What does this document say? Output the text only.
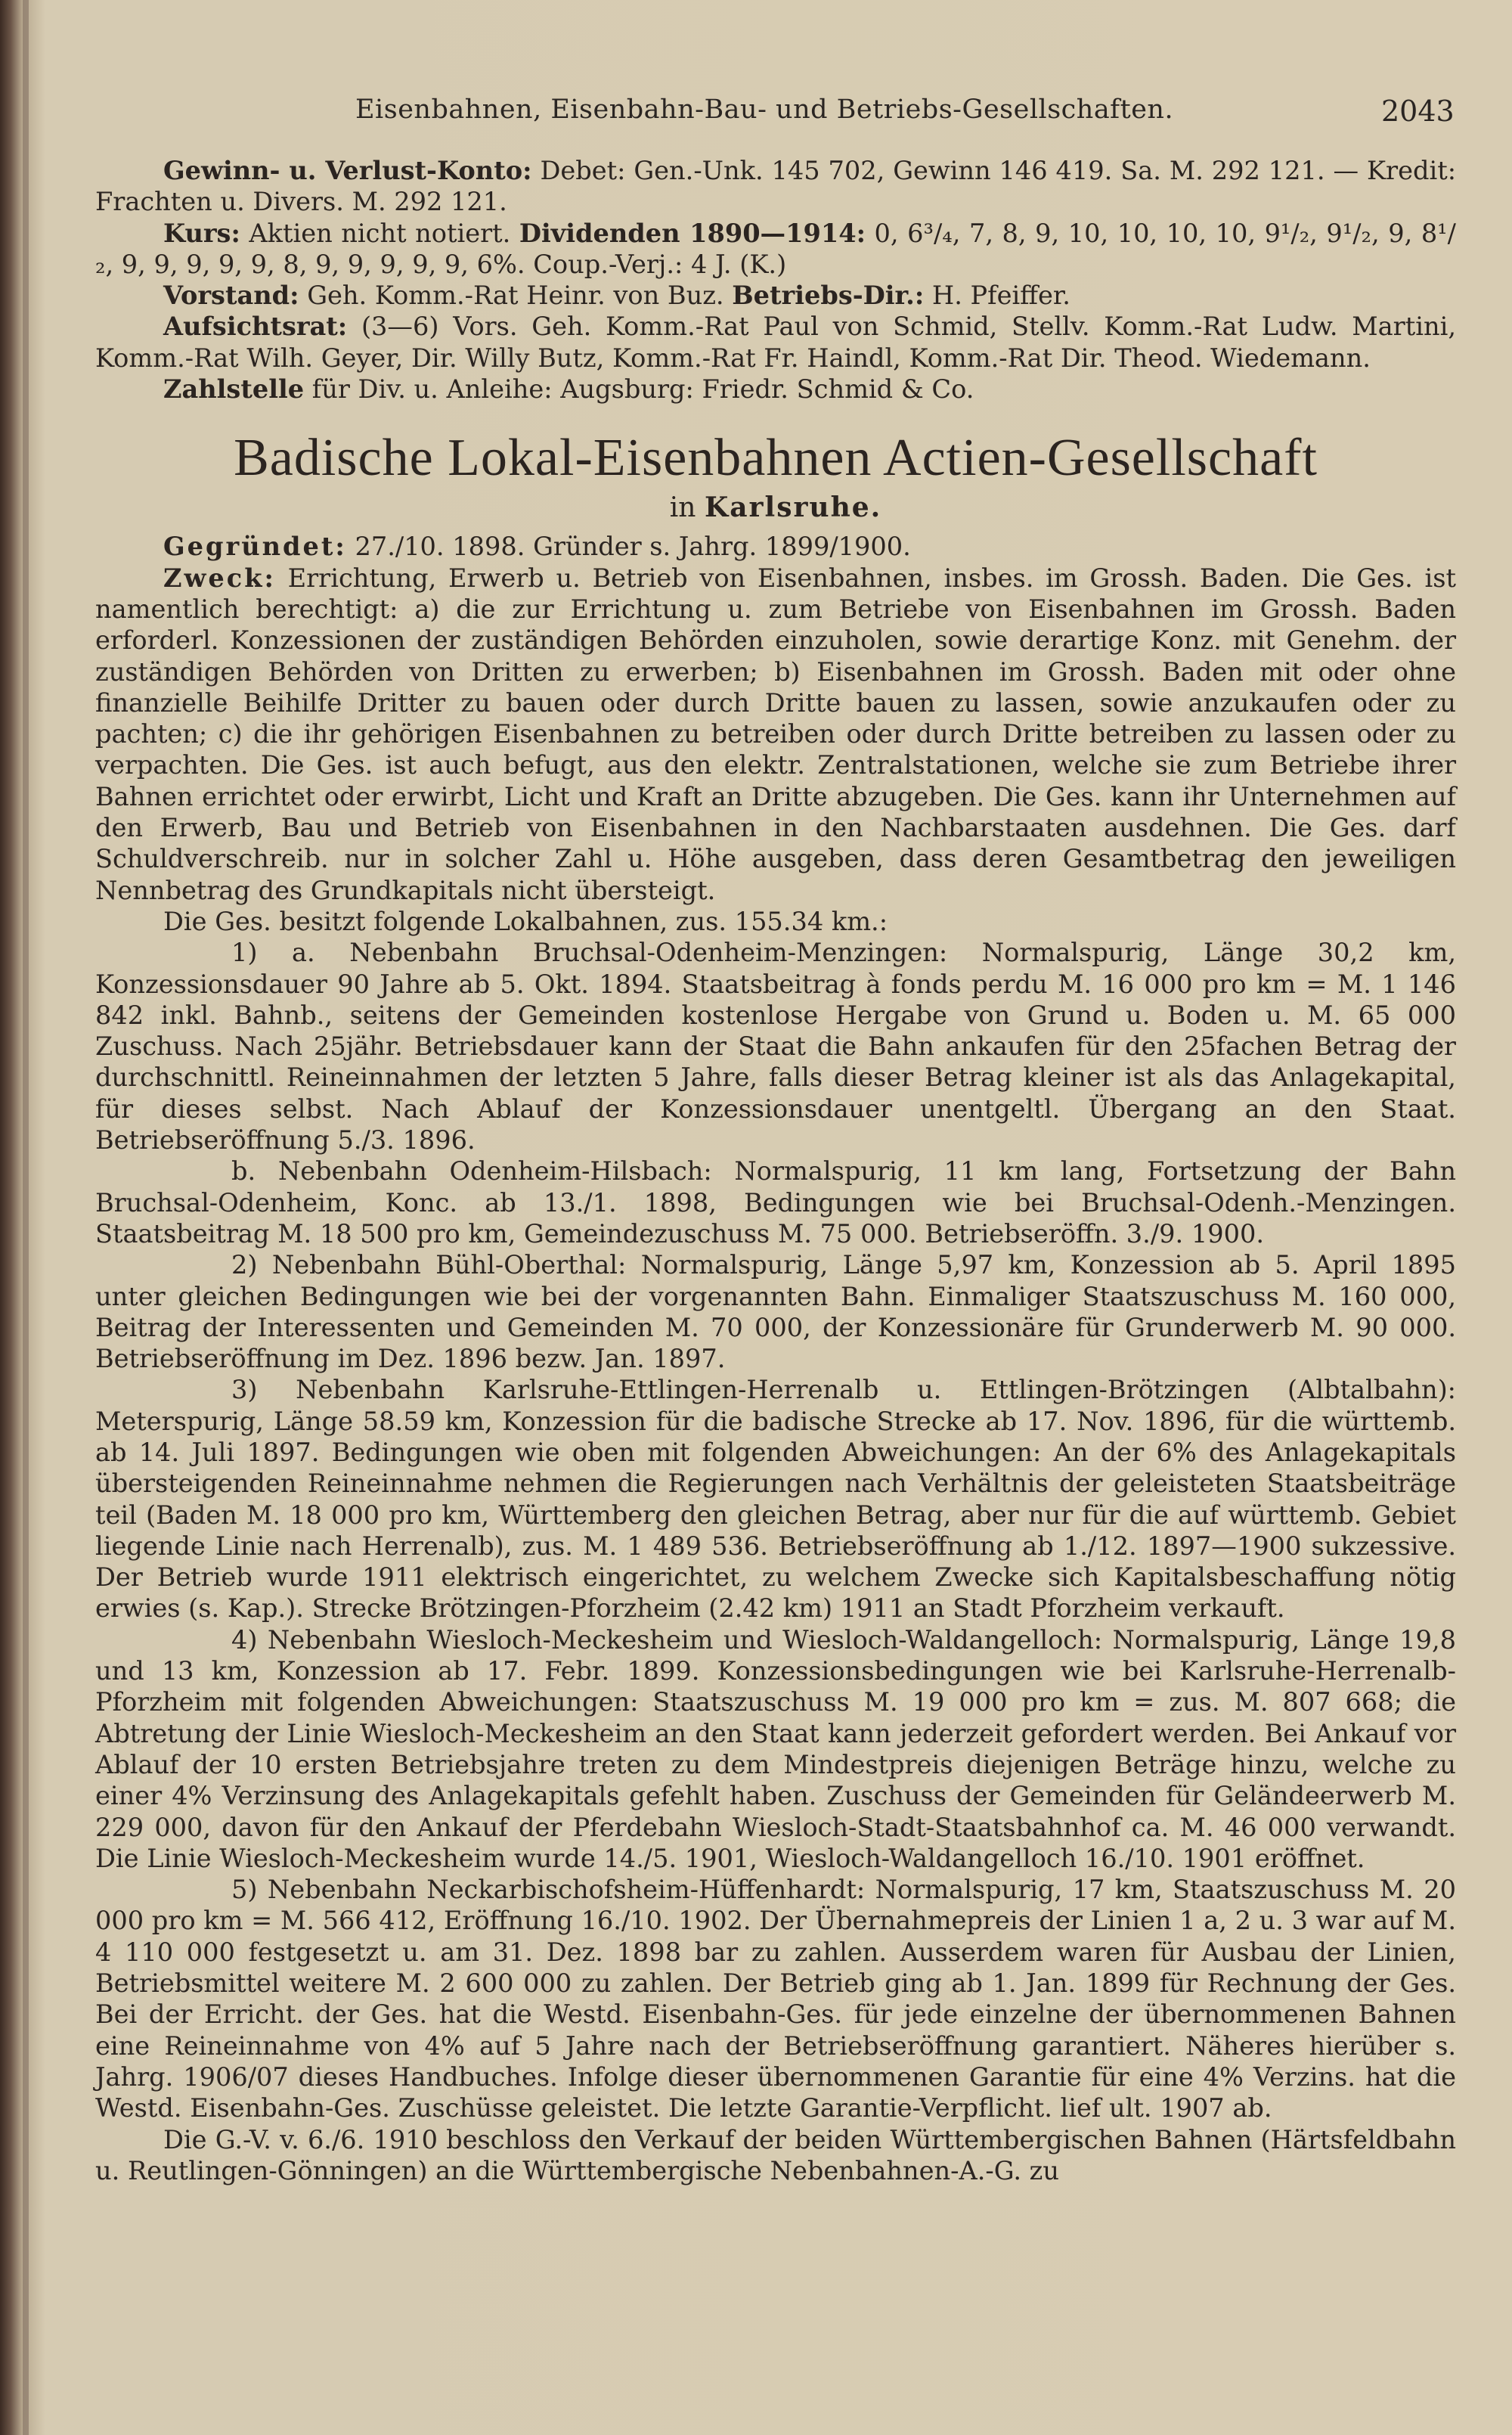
Eisenbahnen, Eisenbahn-Bau- und Betriebs-Gesellschaften.	2043

Gewinn- u. Verlust-Konto: Debet: Gen.-Unk. 145 702, Gewinn 146 419. Sa. M. 292 121. — Kredit: Frachten u. Divers. M. 292 121.

Kurs: Aktien nicht notiert. Dividenden 1890—1914: 0, 6³/₄, 7, 8, 9, 10, 10, 10, 10, 9¹/₂, 9¹/₂, 9, 8¹/₂, 9, 9, 9, 9, 9, 8, 9, 9, 9, 9, 9, 6%. Coup.-Verj.: 4 J. (K.)

Vorstand: Geh. Komm.-Rat Heinr. von Buz. Betriebs-Dir.: H. Pfeiffer.

Aufsichtsrat: (3—6) Vors. Geh. Komm.-Rat Paul von Schmid, Stellv. Komm.-Rat Ludw. Martini, Komm.-Rat Wilh. Geyer, Dir. Willy Butz, Komm.-Rat Fr. Haindl, Komm.-Rat Dir. Theod. Wiedemann.

Zahlstelle für Div. u. Anleihe: Augsburg: Friedr. Schmid & Co.

Badische Lokal-Eisenbahnen Actien-Gesellschaft
in Karlsruhe.

Gegründet: 27./10. 1898. Gründer s. Jahrg. 1899/1900.

Zweck: Errichtung, Erwerb u. Betrieb von Eisenbahnen, insbes. im Grossh. Baden. Die Ges. ist namentlich berechtigt: a) die zur Errichtung u. zum Betriebe von Eisenbahnen im Grossh. Baden erforderl. Konzessionen der zuständigen Behörden einzuholen, sowie derartige Konz. mit Genehm. der zuständigen Behörden von Dritten zu erwerben; b) Eisenbahnen im Grossh. Baden mit oder ohne finanzielle Beihilfe Dritter zu bauen oder durch Dritte bauen zu lassen, sowie anzukaufen oder zu pachten; c) die ihr gehörigen Eisenbahnen zu betreiben oder durch Dritte betreiben zu lassen oder zu verpachten. Die Ges. ist auch befugt, aus den elektr. Zentralstationen, welche sie zum Betriebe ihrer Bahnen errichtet oder erwirbt, Licht und Kraft an Dritte abzugeben. Die Ges. kann ihr Unternehmen auf den Erwerb, Bau und Betrieb von Eisenbahnen in den Nachbarstaaten ausdehnen. Die Ges. darf Schuldverschreib. nur in solcher Zahl u. Höhe ausgeben, dass deren Gesamtbetrag den jeweiligen Nennbetrag des Grundkapitals nicht übersteigt.

Die Ges. besitzt folgende Lokalbahnen, zus. 155.34 km.:

1) a. Nebenbahn Bruchsal-Odenheim-Menzingen: Normalspurig, Länge 30,2 km, Konzessionsdauer 90 Jahre ab 5. Okt. 1894. Staatsbeitrag à fonds perdu M. 16 000 pro km = M. 1 146 842 inkl. Bahnb., seitens der Gemeinden kostenlose Hergabe von Grund u. Boden u. M. 65 000 Zuschuss. Nach 25jähr. Betriebsdauer kann der Staat die Bahn ankaufen für den 25fachen Betrag der durchschnittl. Reineinnahmen der letzten 5 Jahre, falls dieser Betrag kleiner ist als das Anlagekapital, für dieses selbst. Nach Ablauf der Konzessionsdauer unentgeltl. Übergang an den Staat. Betriebseröffnung 5./3. 1896.

b. Nebenbahn Odenheim-Hilsbach: Normalspurig, 11 km lang, Fortsetzung der Bahn Bruchsal-Odenheim, Konc. ab 13./1. 1898, Bedingungen wie bei Bruchsal-Odenh.-Menzingen. Staatsbeitrag M. 18 500 pro km, Gemeindezuschuss M. 75 000. Betriebseröffn. 3./9. 1900.

2) Nebenbahn Bühl-Oberthal: Normalspurig, Länge 5,97 km, Konzession ab 5. April 1895 unter gleichen Bedingungen wie bei der vorgenannten Bahn. Einmaliger Staatszuschuss M. 160 000, Beitrag der Interessenten und Gemeinden M. 70 000, der Konzessionäre für Grunderwerb M. 90 000. Betriebseröffnung im Dez. 1896 bezw. Jan. 1897.

3) Nebenbahn Karlsruhe-Ettlingen-Herrenalb u. Ettlingen-Brötzingen (Albtalbahn): Meterspurig, Länge 58.59 km, Konzession für die badische Strecke ab 17. Nov. 1896, für die württemb. ab 14. Juli 1897. Bedingungen wie oben mit folgenden Abweichungen: An der 6% des Anlagekapitals übersteigenden Reineinnahme nehmen die Regierungen nach Verhältnis der geleisteten Staatsbeiträge teil (Baden M. 18 000 pro km, Württemberg den gleichen Betrag, aber nur für die auf württemb. Gebiet liegende Linie nach Herrenalb), zus. M. 1 489 536. Betriebseröffnung ab 1./12. 1897—1900 sukzessive. Der Betrieb wurde 1911 elektrisch eingerichtet, zu welchem Zwecke sich Kapitalsbeschaffung nötig erwies (s. Kap.). Strecke Brötzingen-Pforzheim (2.42 km) 1911 an Stadt Pforzheim verkauft.

4) Nebenbahn Wiesloch-Meckesheim und Wiesloch-Waldangelloch: Normalspurig, Länge 19,8 und 13 km, Konzession ab 17. Febr. 1899. Konzessionsbedingungen wie bei Karlsruhe-Herrenalb-Pforzheim mit folgenden Abweichungen: Staatszuschuss M. 19 000 pro km = zus. M. 807 668; die Abtretung der Linie Wiesloch-Meckesheim an den Staat kann jederzeit gefordert werden. Bei Ankauf vor Ablauf der 10 ersten Betriebsjahre treten zu dem Mindestpreis diejenigen Beträge hinzu, welche zu einer 4% Verzinsung des Anlagekapitals gefehlt haben. Zuschuss der Gemeinden für Geländeerwerb M. 229 000, davon für den Ankauf der Pferdebahn Wiesloch-Stadt-Staatsbahnhof ca. M. 46 000 verwandt. Die Linie Wiesloch-Meckesheim wurde 14./5. 1901, Wiesloch-Waldangelloch 16./10. 1901 eröffnet.

5) Nebenbahn Neckarbischofsheim-Hüffenhardt: Normalspurig, 17 km, Staatszuschuss M. 20 000 pro km = M. 566 412, Eröffnung 16./10. 1902. Der Übernahmepreis der Linien 1 a, 2 u. 3 war auf M. 4 110 000 festgesetzt u. am 31. Dez. 1898 bar zu zahlen. Ausserdem waren für Ausbau der Linien, Betriebsmittel weitere M. 2 600 000 zu zahlen. Der Betrieb ging ab 1. Jan. 1899 für Rechnung der Ges. Bei der Erricht. der Ges. hat die Westd. Eisenbahn-Ges. für jede einzelne der übernommenen Bahnen eine Reineinnahme von 4% auf 5 Jahre nach der Betriebseröffnung garantiert. Näheres hierüber s. Jahrg. 1906/07 dieses Handbuches. Infolge dieser übernommenen Garantie für eine 4% Verzins. hat die Westd. Eisenbahn-Ges. Zuschüsse geleistet. Die letzte Garantie-Verpflicht. lief ult. 1907 ab.

Die G.-V. v. 6./6. 1910 beschloss den Verkauf der beiden Württembergischen Bahnen (Härtsfeldbahn u. Reutlingen-Gönningen) an die Württembergische Nebenbahnen-A.-G. zu
